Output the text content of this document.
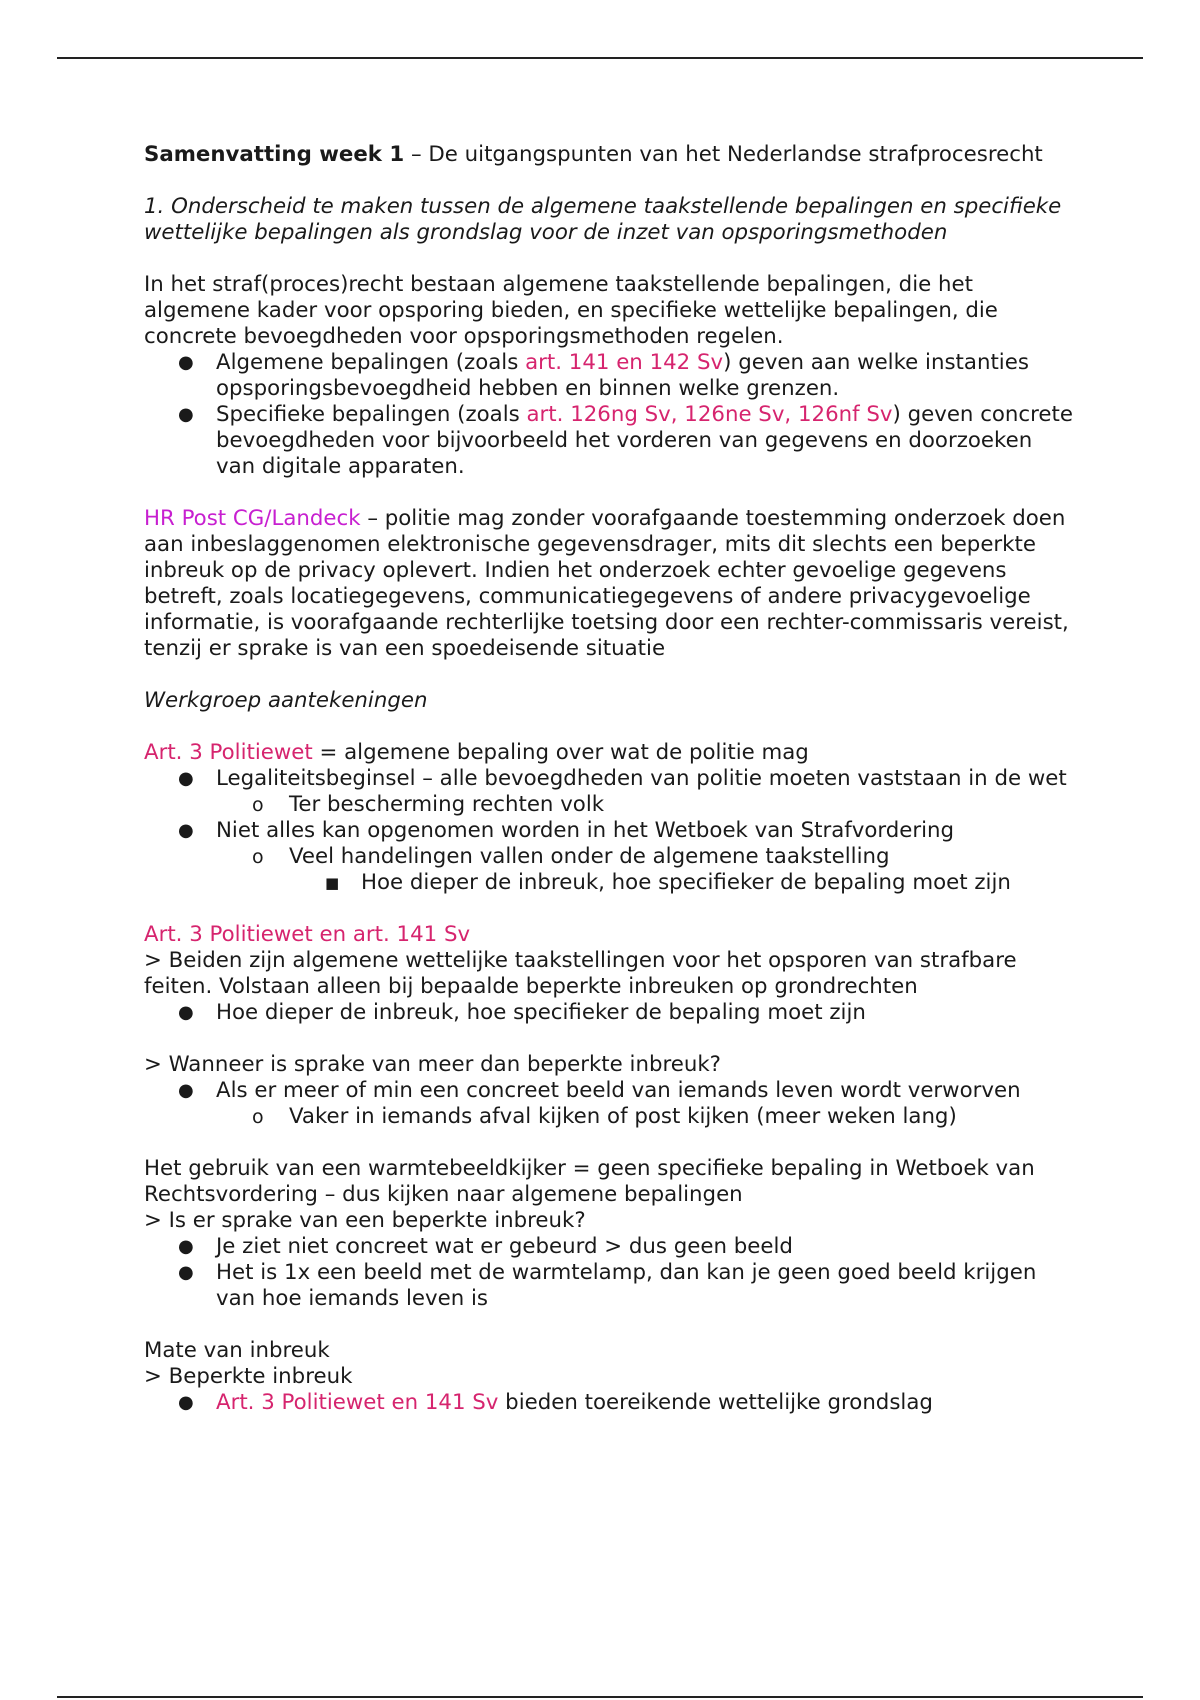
Samenvatting week 1 – De uitgangspunten van het Nederlandse strafprocesrecht

1. Onderscheid te maken tussen de algemene taakstellende bepalingen en specifieke wettelijke bepalingen als grondslag voor de inzet van opsporingsmethoden

In het straf(proces)recht bestaan algemene taakstellende bepalingen, die het algemene kader voor opsporing bieden, en specifieke wettelijke bepalingen, die concrete bevoegdheden voor opsporingsmethoden regelen.

● Algemene bepalingen (zoals art. 141 en 142 Sv) geven aan welke instanties opsporingsbevoegdheid hebben en binnen welke grenzen.
● Specifieke bepalingen (zoals art. 126ng Sv, 126ne Sv, 126nf Sv) geven concrete bevoegdheden voor bijvoorbeeld het vorderen van gegevens en doorzoeken van digitale apparaten.

HR Post CG/Landeck – politie mag zonder voorafgaande toestemming onderzoek doen aan inbeslaggenomen elektronische gegevensdrager, mits dit slechts een beperkte inbreuk op de privacy oplevert. Indien het onderzoek echter gevoelige gegevens betreft, zoals locatiegegevens, communicatiegegevens of andere privacygevoelige informatie, is voorafgaande rechterlijke toetsing door een rechter-commissaris vereist, tenzij er sprake is van een spoedeisende situatie

Werkgroep aantekeningen

Art. 3 Politiewet = algemene bepaling over wat de politie mag

● Legaliteitsbeginsel – alle bevoegdheden van politie moeten vaststaan in de wet
o Ter bescherming rechten volk
● Niet alles kan opgenomen worden in het Wetboek van Strafvordering
o Veel handelingen vallen onder de algemene taakstelling
■ Hoe dieper de inbreuk, hoe specifieker de bepaling moet zijn

Art. 3 Politiewet en art. 141 Sv

> Beiden zijn algemene wettelijke taakstellingen voor het opsporen van strafbare feiten. Volstaan alleen bij bepaalde beperkte inbreuken op grondrechten

● Hoe dieper de inbreuk, hoe specifieker de bepaling moet zijn

> Wanneer is sprake van meer dan beperkte inbreuk?

● Als er meer of min een concreet beeld van iemands leven wordt verworven
o Vaker in iemands afval kijken of post kijken (meer weken lang)

Het gebruik van een warmtebeeldkijker = geen specifieke bepaling in Wetboek van Rechtsvordering – dus kijken naar algemene bepalingen

> Is er sprake van een beperkte inbreuk?

● Je ziet niet concreet wat er gebeurd > dus geen beeld
● Het is 1x een beeld met de warmtelamp, dan kan je geen goed beeld krijgen van hoe iemands leven is

Mate van inbreuk

> Beperkte inbreuk

● Art. 3 Politiewet en 141 Sv bieden toereikende wettelijke grondslag
